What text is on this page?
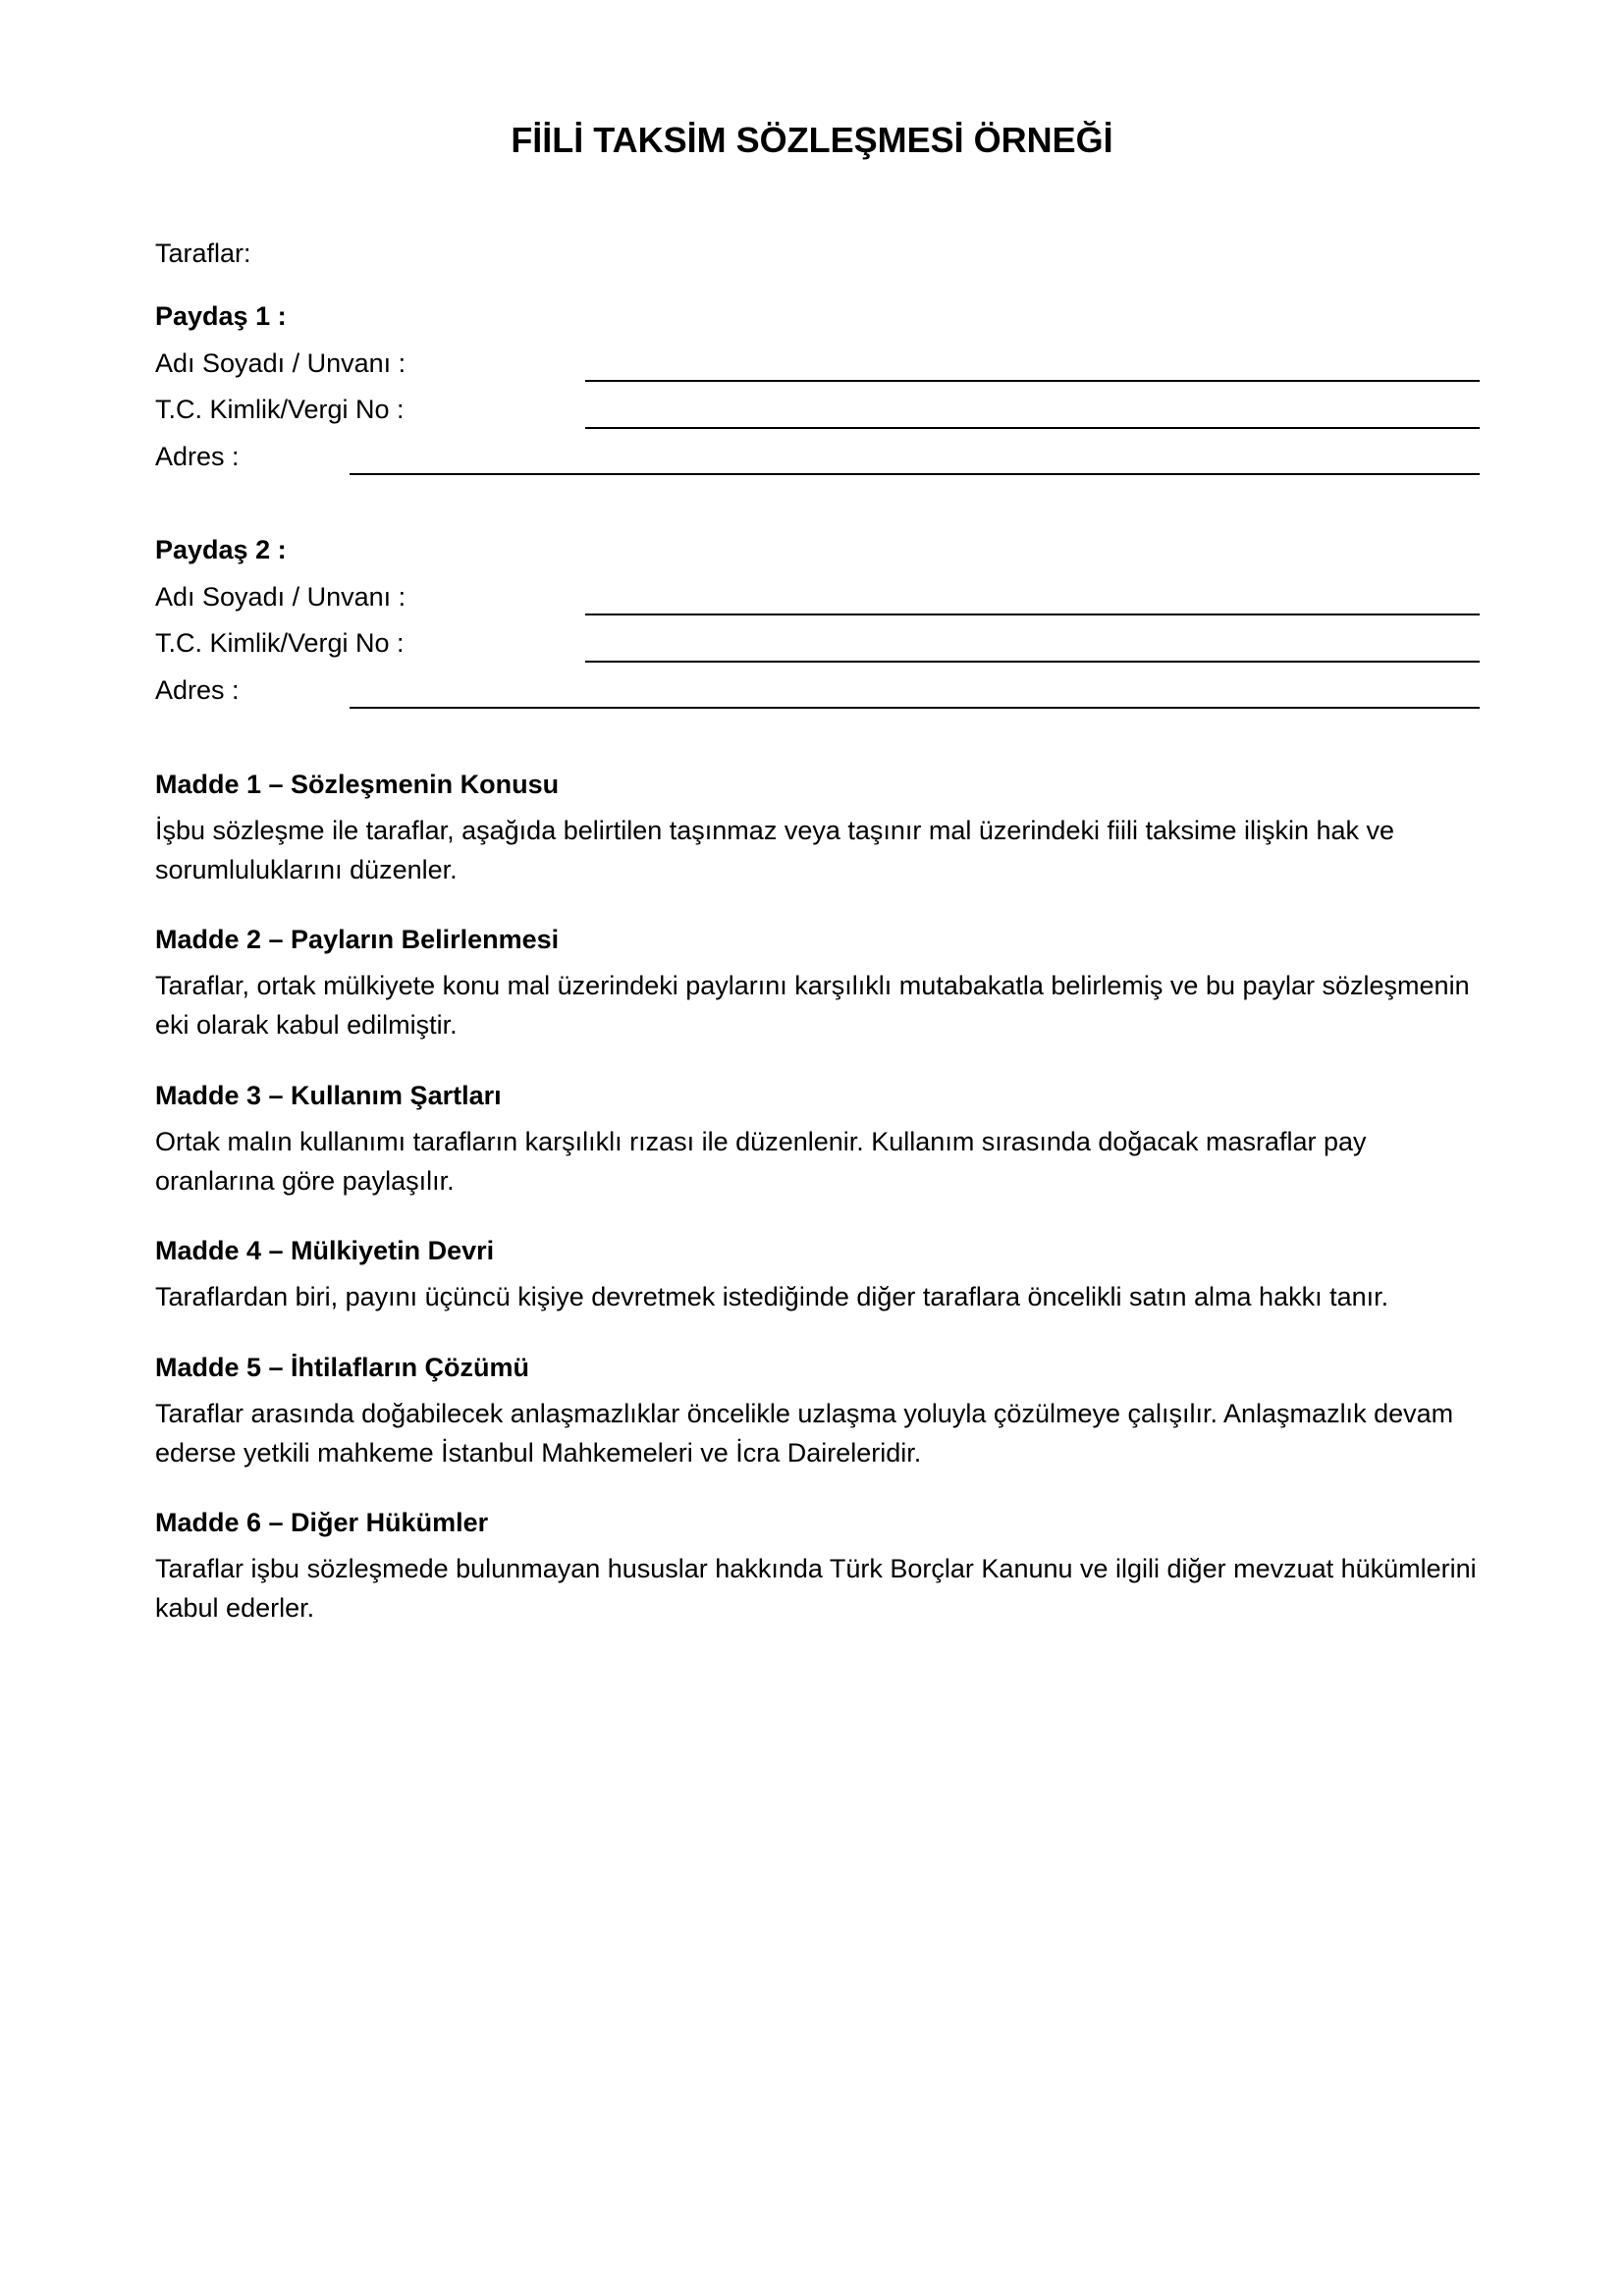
FİİLİ TAKSİM SÖZLEŞMESİ ÖRNEĞİ
Taraflar:
Paydaş 1 :
Adı Soyadı / Unvanı :
T.C. Kimlik/Vergi No :
Adres :
Paydaş 2 :
Adı Soyadı / Unvanı :
T.C. Kimlik/Vergi No :
Adres :
Madde 1 – Sözleşmenin Konusu
İşbu sözleşme ile taraflar, aşağıda belirtilen taşınmaz veya taşınır mal üzerindeki fiili taksime ilişkin hak ve sorumluluklarını düzenler.
Madde 2 – Payların Belirlenmesi
Taraflar, ortak mülkiyete konu mal üzerindeki paylarını karşılıklı mutabakatla belirlemiş ve bu paylar sözleşmenin eki olarak kabul edilmiştir.
Madde 3 – Kullanım Şartları
Ortak malın kullanımı tarafların karşılıklı rızası ile düzenlenir. Kullanım sırasında doğacak masraflar pay oranlarına göre paylaşılır.
Madde 4 – Mülkiyetin Devri
Taraflardan biri, payını üçüncü kişiye devretmek istediğinde diğer taraflara öncelikli satın alma hakkı tanır.
Madde 5 – İhtilafların Çözümü
Taraflar arasında doğabilecek anlaşmazlıklar öncelikle uzlaşma yoluyla çözülmeye çalışılır. Anlaşmazlık devam ederse yetkili mahkeme İstanbul Mahkemeleri ve İcra Daireleridir.
Madde 6 – Diğer Hükümler
Taraflar işbu sözleşmede bulunmayan hususlar hakkında Türk Borçlar Kanunu ve ilgili diğer mevzuat hükümlerini kabul ederler.
